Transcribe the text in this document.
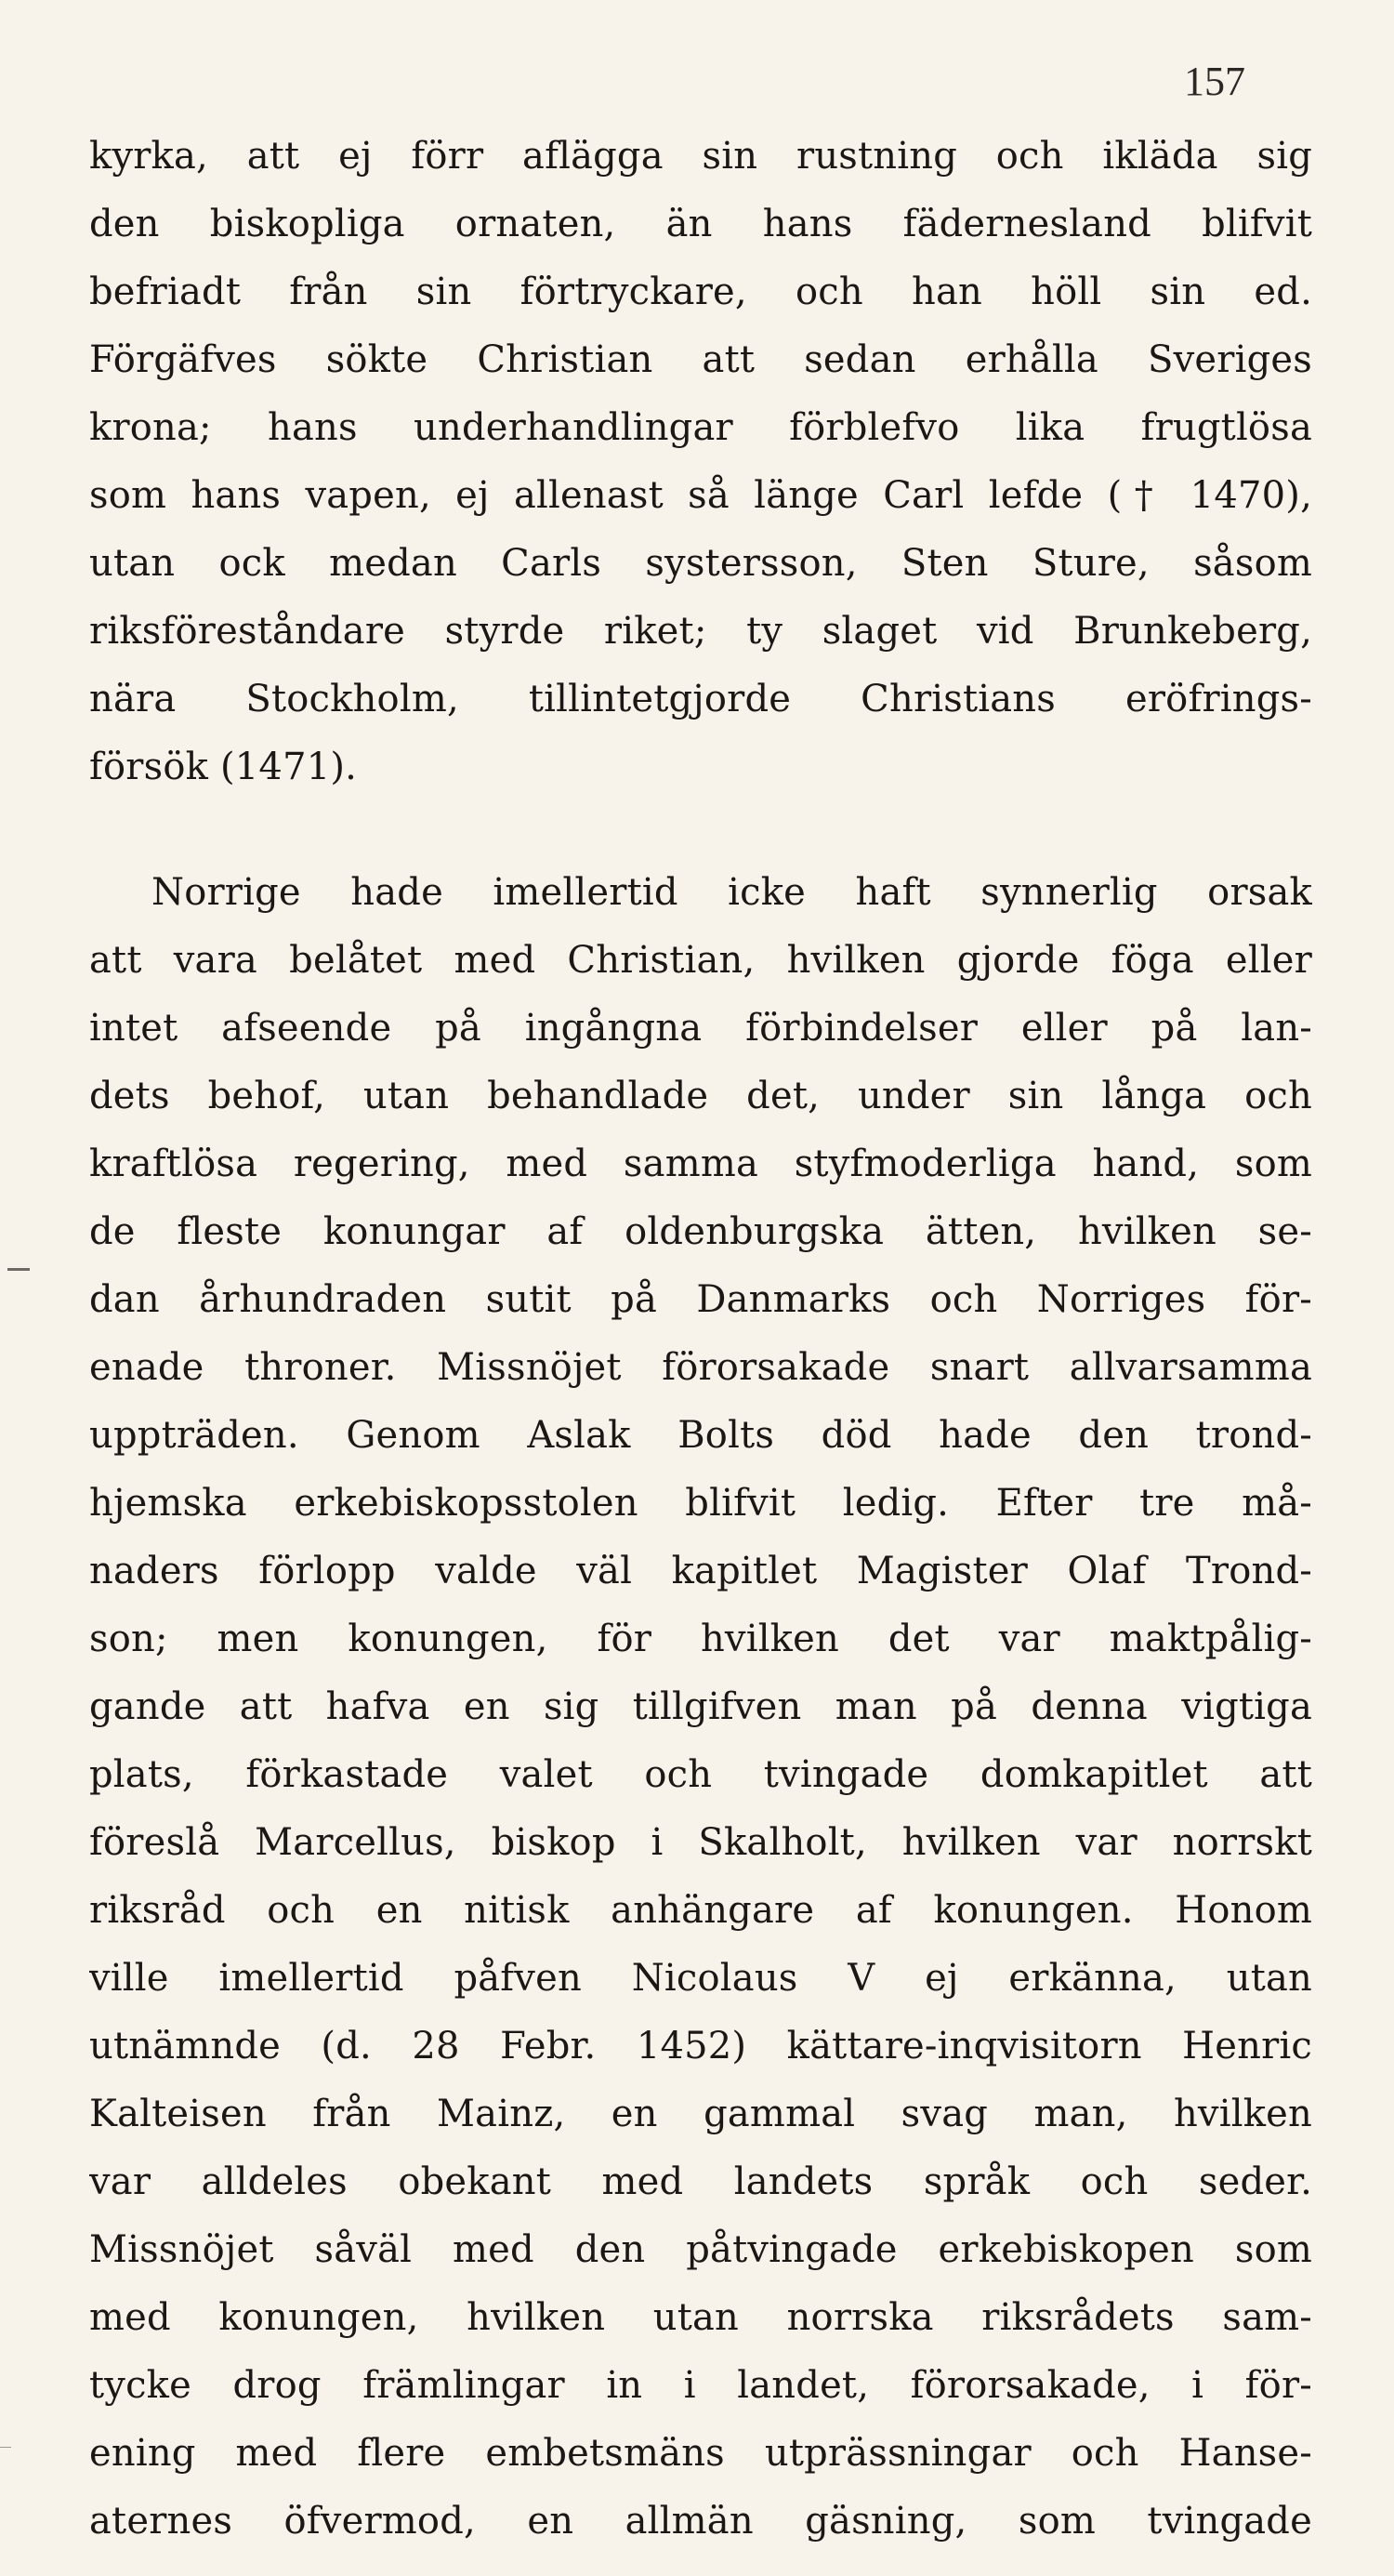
157
kyrka, att ej förr aflägga sin rustning och ikläda sig
den biskopliga ornaten, än hans fädernesland blifvit
befriadt från sin förtryckare, och han höll sin ed.
Förgäfves sökte Christian att sedan erhålla Sveriges
krona; hans underhandlingar förblefvo lika frugtlösa
som hans vapen, ej allenast så länge Carl lefde († 1470),
utan ock medan Carls systersson, Sten Sture, såsom
riksföreståndare styrde riket; ty slaget vid Brunkeberg,
nära Stockholm, tillintetgjorde Christians eröfrings-
försök (1471).
Norrige hade imellertid icke haft synnerlig orsak
att vara belåtet med Christian, hvilken gjorde föga eller
intet afseende på ingångna förbindelser eller på lan-
dets behof, utan behandlade det, under sin långa och
kraftlösa regering, med samma styfmoderliga hand, som
de fleste konungar af oldenburgska ätten, hvilken se-
dan århundraden sutit på Danmarks och Norriges för-
enade throner. Missnöjet förorsakade snart allvarsamma
uppträden. Genom Aslak Bolts död hade den trond-
hjemska erkebiskopsstolen blifvit ledig. Efter tre må-
naders förlopp valde väl kapitlet Magister Olaf Trond-
son; men konungen, för hvilken det var maktpålig-
gande att hafva en sig tillgifven man på denna vigtiga
plats, förkastade valet och tvingade domkapitlet att
föreslå Marcellus, biskop i Skalholt, hvilken var norrskt
riksråd och en nitisk anhängare af konungen. Honom
ville imellertid påfven Nicolaus V ej erkänna, utan
utnämnde (d. 28 Febr. 1452) kättare-inqvisitorn Henric
Kalteisen från Mainz, en gammal svag man, hvilken
var alldeles obekant med landets språk och seder.
Missnöjet såväl med den påtvingade erkebiskopen som
med konungen, hvilken utan norrska riksrådets sam-
tycke drog främlingar in i landet, förorsakade, i för-
ening med flere embetsmäns utprässningar och Hanse-
aternes öfvermod, en allmän gäsning, som tvingade
